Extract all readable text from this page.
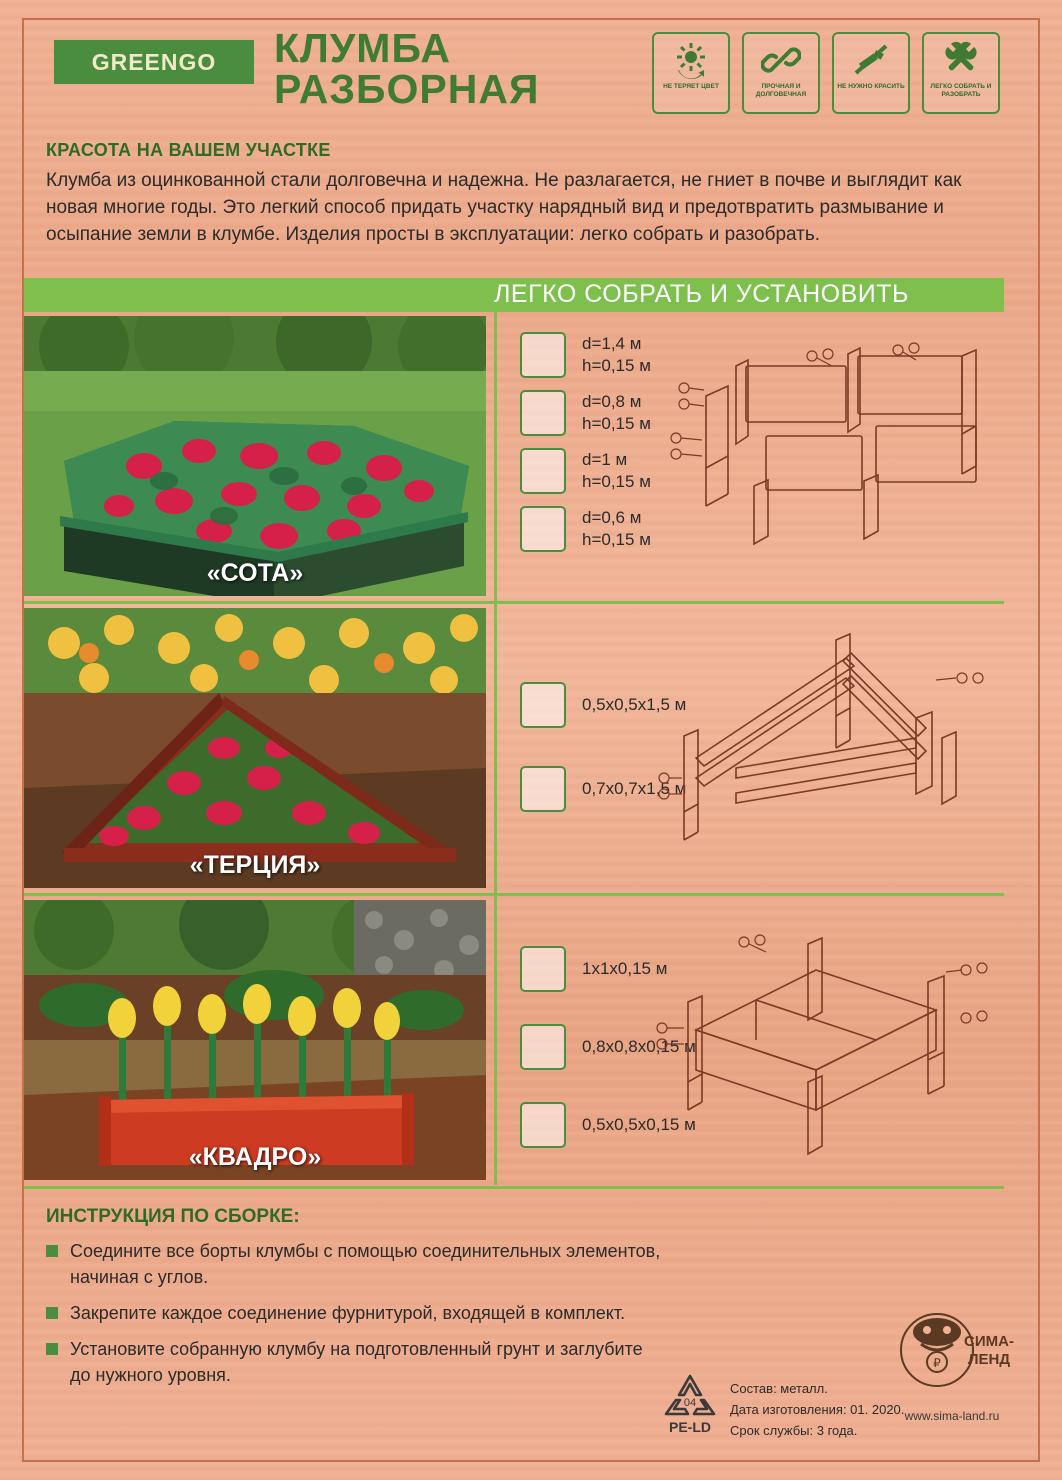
GREENGO КЛУМБА
РАЗБОРНАЯ	НЕ ТЕРЯЕТ ЦВЕТ	ПРОЧНАЯ И ДОЛГОВЕЧНАЯ
НЕ НУЖНО КРАСИТЬ	ЛЕГКО СОБРАТЬ И РАЗОБРАТЬ
КРАСОТА НА ВАШЕМ УЧАСТКЕ

Клумба из оцинкованной стали долговечна и надежна. Не разлагается, не гниет в почве и выглядит как новая многие годы. Это легкий способ придать участку нарядный вид и предотвратить размывание и осыпание земли в клумбе. Изделия просты в эксплуатации: легко собрать и разобрать.

ЛЕГКО СОБРАТЬ И УСТАНОВИТЬ
«СОТА»
d=1,4 м
h=0,15 м
d=0,8 м
h=0,15 м
d=1 м
h=0,15 м
d=0,6 м
h=0,15 м
«ТЕРЦИЯ»
0,5х0,5х1,5 м
0,7х0,7х1,5 м
«КВАДРО»
1х1х0,15 м
0,8х0,8х0,15 м
0,5х0,5х0,15 м
ИНСТРУКЦИЯ ПО СБОРКЕ:
Соедините все борты клумбы с помощью соединительных элементов, начиная с углов.
Закрепите каждое соединение фурнитурой, входящей в комплект.
Установите собранную клумбу на подготовленный грунт и заглубите до нужного уровня.
04
PE-LD
Состав: металл.
Дата изготовления: 01. 2020.
Срок службы: 3 года.
₽
СИМА-
ЛЕНД
www.sima-land.ru
